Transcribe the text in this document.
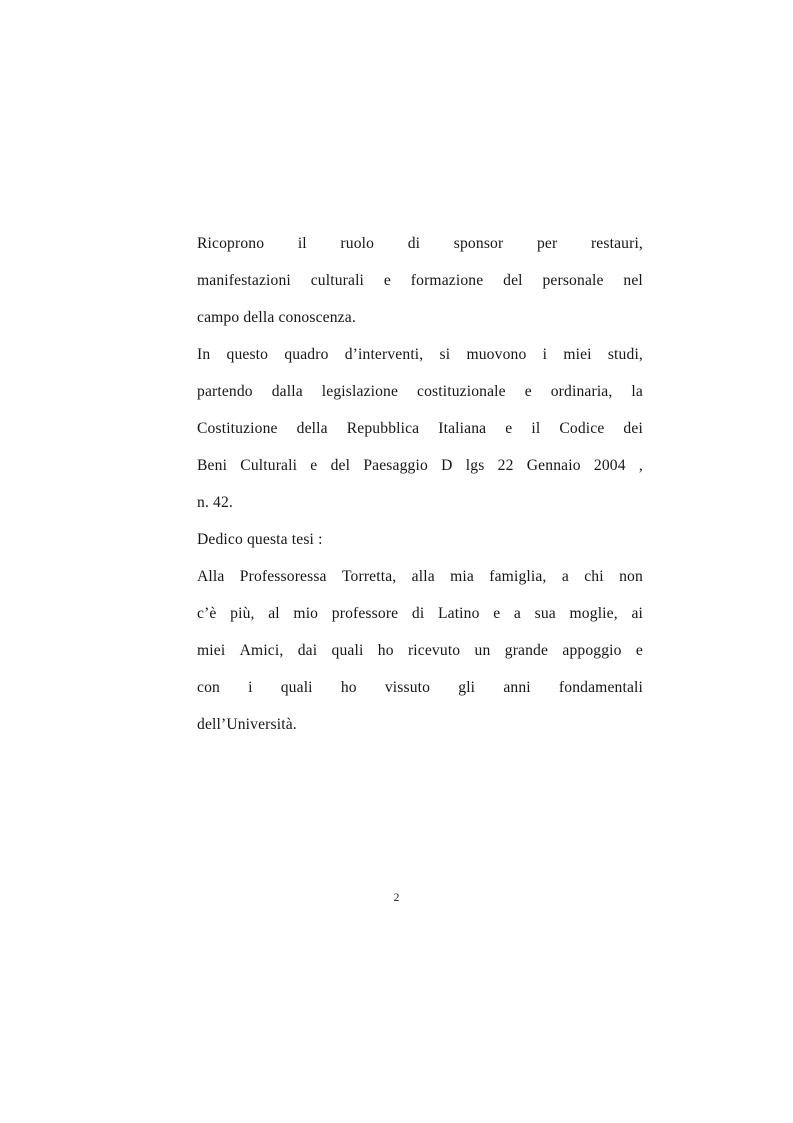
Ricoprono il ruolo di sponsor per restauri,
manifestazioni culturali e formazione del personale nel
campo della conoscenza.

In questo quadro d’interventi, si muovono i miei studi,
partendo dalla legislazione costituzionale e ordinaria, la
Costituzione della Repubblica Italiana e il Codice dei
Beni Culturali e del Paesaggio D lgs 22 Gennaio 2004 ,
n. 42.

Dedico questa tesi :

Alla Professoressa Torretta, alla mia famiglia, a chi non
c’è più, al mio professore di Latino e a sua moglie, ai
miei Amici, dai quali ho ricevuto un grande appoggio e
con i quali ho vissuto gli anni fondamentali
dell’Università.

2
